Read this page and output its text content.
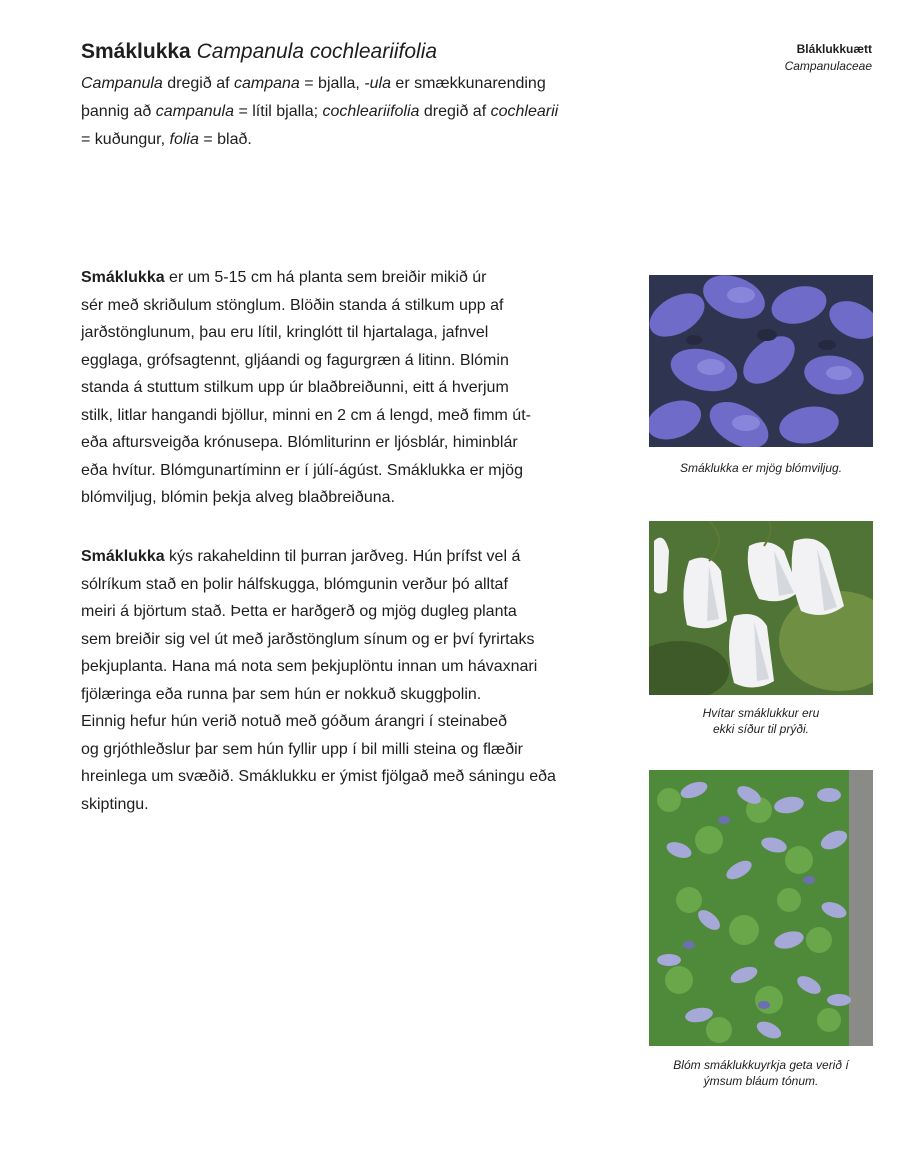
Smáklukka Campanula cochleariifolia
Campanula dregið af campana = bjalla, -ula er smækkunarending
þannig að campanula = lítil bjalla; cochleariifolia dregið af cochlearii
= kuðungur, folia = blað.
Bláklukkuætt
Campanulaceae
Smáklukka er um 5-15 cm há planta sem breiðir mikið úr
sér með skriðulum stönglum. Blöðin standa á stilkum upp af
jarðstönglunum, þau eru lítil, kringlótt til hjartalaga, jafnvel
egglaga, grófsagtennt, gljáandi og fagurgræn á litinn. Blómin
standa á stuttum stilkum upp úr blaðbreiðunni, eitt á hverjum
stilk, litlar hangandi bjöllur, minni en 2 cm á lengd, með fimm út-
eða aftursveigða krónusepa. Blómliturinn er ljósblár, himinblár
eða hvítur. Blómgunartíminn er í júlí-ágúst. Smáklukka er mjög
blómviljug, blómin þekja alveg blaðbreiðuna.
Smáklukka kýs rakaheldinn til þurran jarðveg. Hún þrífst vel á
sólríkum stað en þolir hálfskugga, blómgunin verður þó alltaf
meiri á björtum stað. Þetta er harðgerð og mjög dugleg planta
sem breiðir sig vel út með jarðstönglum sínum og er því fyrirtaks
þekjuplanta. Hana má nota sem þekjuplöntu innan um hávaxnari
fjölæringa eða runna þar sem hún er nokkuð skuggþolin.
Einnig hefur hún verið notuð með góðum árangri í steinabeð
og grjóthleðslur þar sem hún fyllir upp í bil milli steina og flæðir
hreinlega um svæðið. Smáklukku er ýmist fjölgað með sáningu eða
skiptingu.
Smáklukka er mjög blómviljug.
Hvítar smáklukkur eru
ekki síður til prýði.
Blóm smáklukkuyrkja geta verið í
ýmsum bláum tónum.
